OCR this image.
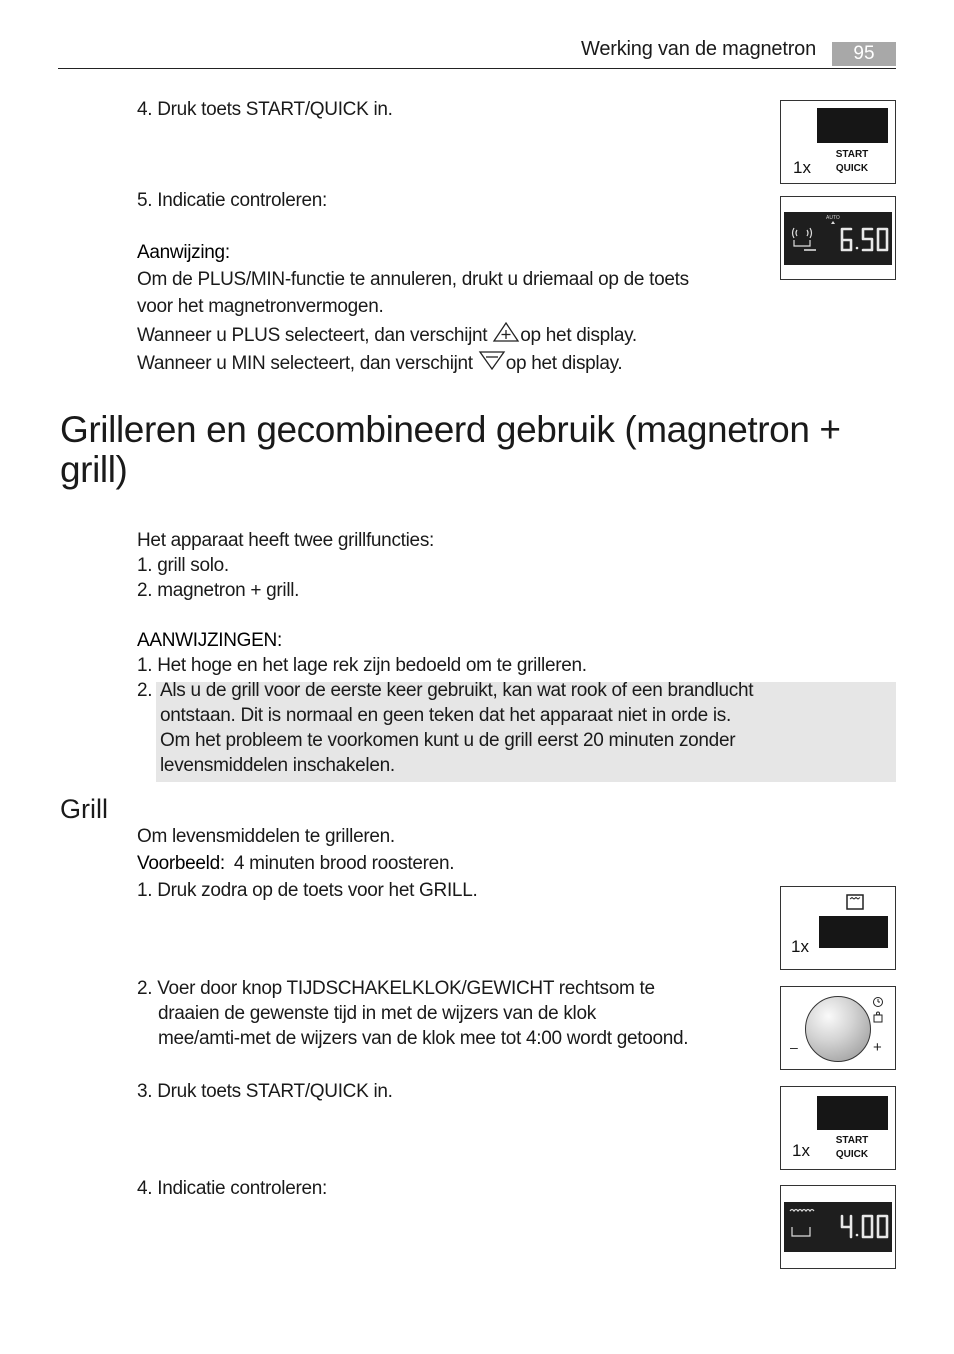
Werking van de magnetron	95
4. Druk toets START/QUICK in.
5. Indicatie controleren:
Aanwijzing:
Om de PLUS/MIN-functie te annuleren, drukt u driemaal op de toets
voor het magnetronvermogen.
Wanneer u PLUS selecteert, dan verschijnt op het display.
Wanneer u MIN selecteert, dan verschijnt op het display.
1x
START
QUICK
AUTO
Grilleren en gecombineerd gebruik (magnetron +
grill)
Het apparaat heeft twee grillfuncties:
1. grill solo.
2. magnetron + grill.
AANWIJZINGEN:
1. Het hoge en het lage rek zijn bedoeld om te grilleren.
2. Als u de grill voor de eerste keer gebruikt, kan wat rook of een brandlucht
ontstaan. Dit is normaal en geen teken dat het apparaat niet in orde is.
Om het probleem te voorkomen kunt u de grill eerst 20 minuten zonder
levensmiddelen inschakelen.
Grill
Om levensmiddelen te grilleren.
Voorbeeld: 4 minuten brood roosteren.
1. Druk zodra op de toets voor het GRILL.
2. Voer door knop TIJDSCHAKELKLOK/GEWICHT rechtsom te
draaien de gewenste tijd in met de wijzers van de klok
mee/amti-met de wijzers van de klok mee tot 4:00 wordt getoond.
3. Druk toets START/QUICK in.
4. Indicatie controleren:
1x
–	+
1x
START
QUICK
